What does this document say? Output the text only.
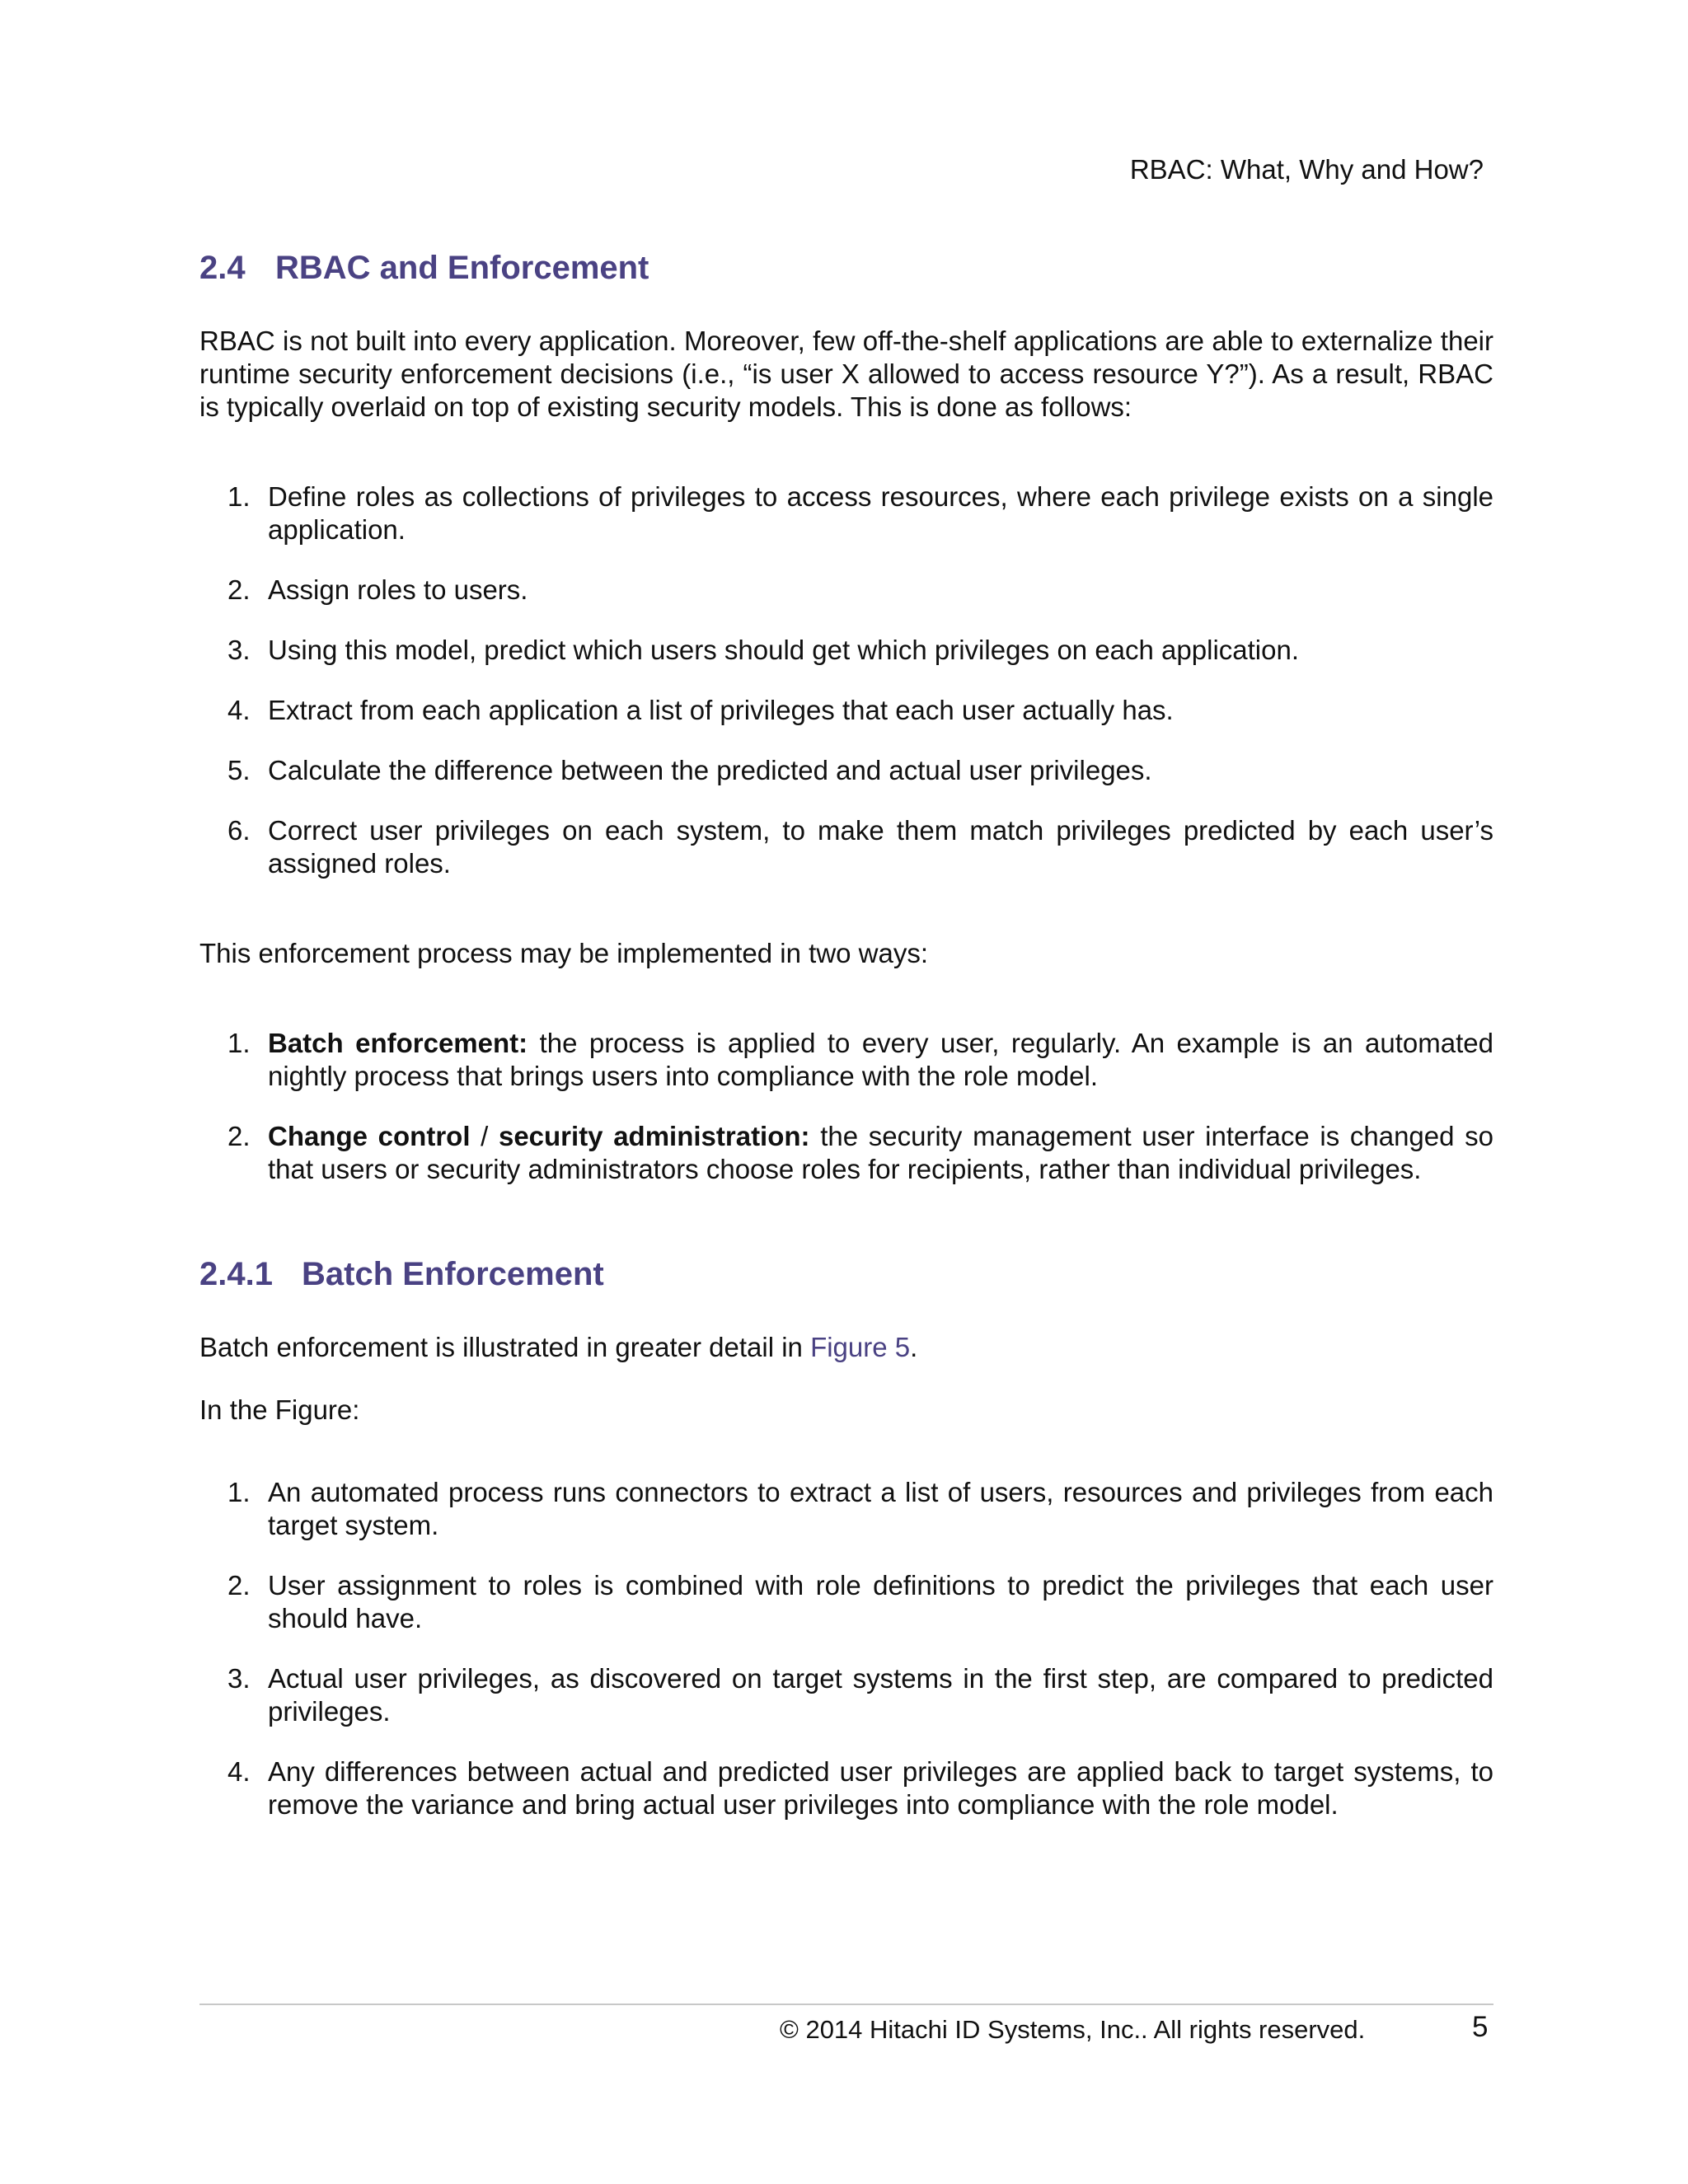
RBAC: What, Why and How?
2.4 RBAC and Enforcement

RBAC is not built into every application. Moreover, few off-the-shelf applications are able to externalize their runtime security enforcement decisions (i.e., “is user X allowed to access resource Y?”). As a result, RBAC is typically overlaid on top of existing security models. This is done as follows:

1. Define roles as collections of privileges to access resources, where each privilege exists on a single application.
2. Assign roles to users.
3. Using this model, predict which users should get which privileges on each application.
4. Extract from each application a list of privileges that each user actually has.
5. Calculate the difference between the predicted and actual user privileges.
6. Correct user privileges on each system, to make them match privileges predicted by each user’s assigned roles.

This enforcement process may be implemented in two ways:

1. Batch enforcement: the process is applied to every user, regularly. An example is an automated nightly process that brings users into compliance with the role model.
2. Change control / security administration: the security management user interface is changed so that users or security administrators choose roles for recipients, rather than individual privileges.
2.4.1 Batch Enforcement

Batch enforcement is illustrated in greater detail in Figure 5.

In the Figure:

1. An automated process runs connectors to extract a list of users, resources and privileges from each target system.
2. User assignment to roles is combined with role definitions to predict the privileges that each user should have.
3. Actual user privileges, as discovered on target systems in the first step, are compared to predicted privileges.
4. Any differences between actual and predicted user privileges are applied back to target systems, to remove the variance and bring actual user privileges into compliance with the role model.
© 2014 Hitachi ID Systems, Inc.. All rights reserved.	5
